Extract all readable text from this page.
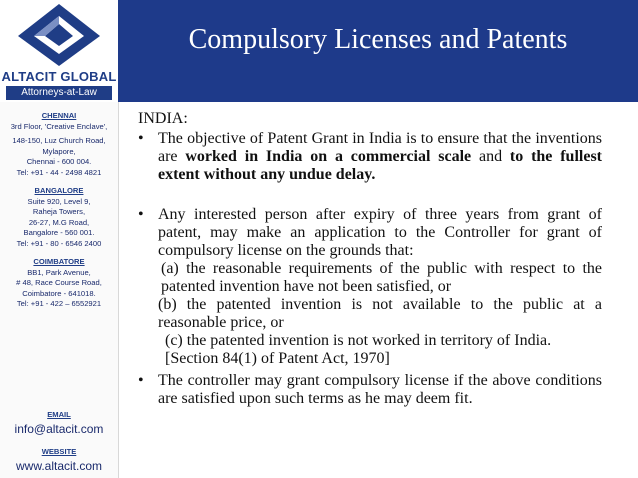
ALTACIT GLOBAL
Attorneys-at-Law
CHENNAI
3rd Floor, 'Creative Enclave',
148-150, Luz Church Road,
Mylapore,
Chennai - 600 004.
Tel: +91 - 44 - 2498 4821
BANGALORE
Suite 920, Level 9,
Raheja Towers,
26-27, M.G Road,
Bangalore - 560 001.
Tel: +91 - 80 - 6546 2400
COIMBATORE
BB1, Park Avenue,
# 48, Race Course Road,
Coimbatore - 641018.
Tel: +91 - 422 – 6552921
EMAIL
info@altacit.com
WEBSITE
www.altacit.com
Compulsory Licenses and Patents

INDIA:

• The objective of Patent Grant in India is to ensure that the inventions are worked in India on a commercial scale and to the fullest extent without any undue delay.

• Any interested person after expiry of three years from grant of patent, may make an application to the Controller for grant of compulsory license on the grounds that:

(a) the reasonable requirements of the public with respect to the patented invention have not been satisfied, or

(b) the patented invention is not available to the public at a reasonable price, or

(c) the patented invention is not worked in territory of India.

[Section 84(1) of Patent Act, 1970]

• The controller may grant compulsory license if the above conditions are satisfied upon such terms as he may deem fit.
